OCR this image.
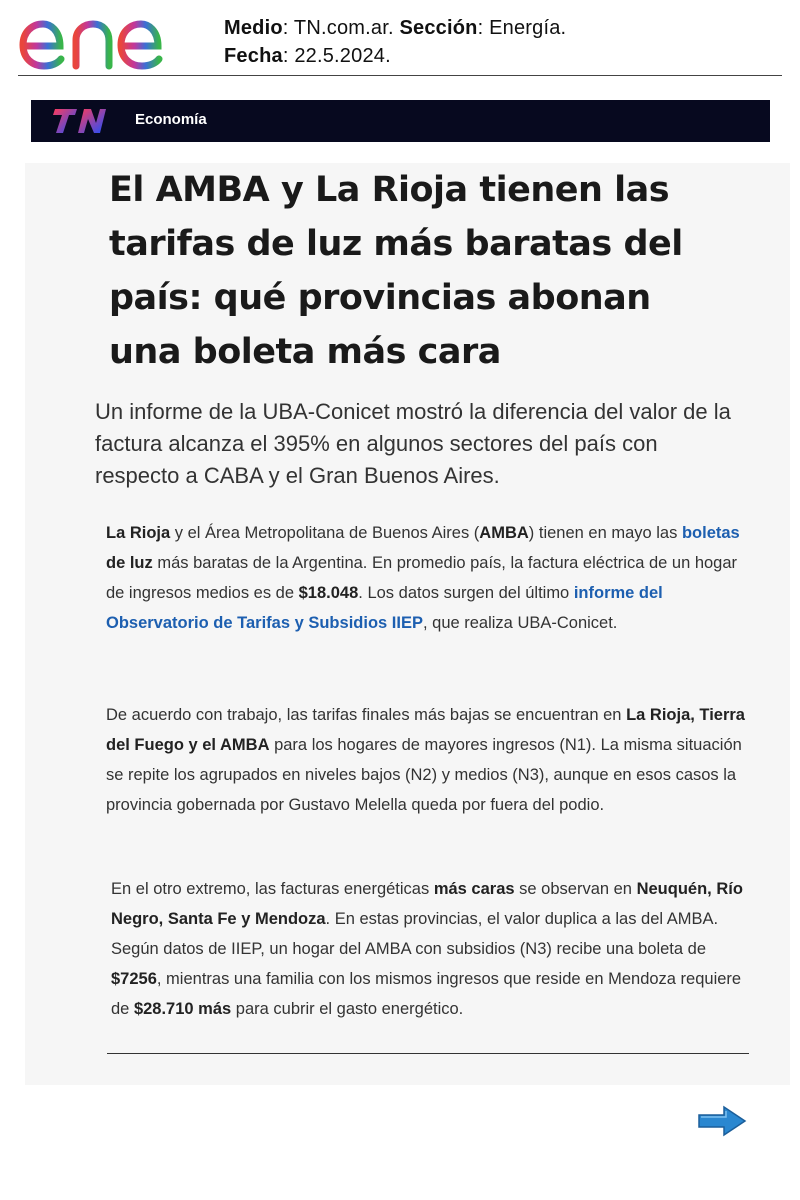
Medio: TN.com.ar. Sección: Energía.
Fecha: 22.5.2024.
Economía
El AMBA y La Rioja tienen las tarifas de luz más baratas del país: qué provincias abonan una boleta más cara

Un informe de la UBA-Conicet mostró la diferencia del valor de la factura alcanza el 395% en algunos sectores del país con respecto a CABA y el Gran Buenos Aires.

La Rioja y el Área Metropolitana de Buenos Aires (AMBA) tienen en mayo las boletas de luz más baratas de la Argentina. En promedio país, la factura eléctrica de un hogar de ingresos medios es de $18.048. Los datos surgen del último informe del Observatorio de Tarifas y Subsidios IIEP, que realiza UBA-Conicet.

De acuerdo con trabajo, las tarifas finales más bajas se encuentran en La Rioja, Tierra del Fuego y el AMBA para los hogares de mayores ingresos (N1). La misma situación se repite los agrupados en niveles bajos (N2) y medios (N3), aunque en esos casos la provincia gobernada por Gustavo Melella queda por fuera del podio.

En el otro extremo, las facturas energéticas más caras se observan en Neuquén, Río Negro, Santa Fe y Mendoza. En estas provincias, el valor duplica a las del AMBA. Según datos de IIEP, un hogar del AMBA con subsidios (N3) recibe una boleta de $7256, mientras una familia con los mismos ingresos que reside en Mendoza requiere de $28.710 más para cubrir el gasto energético.
